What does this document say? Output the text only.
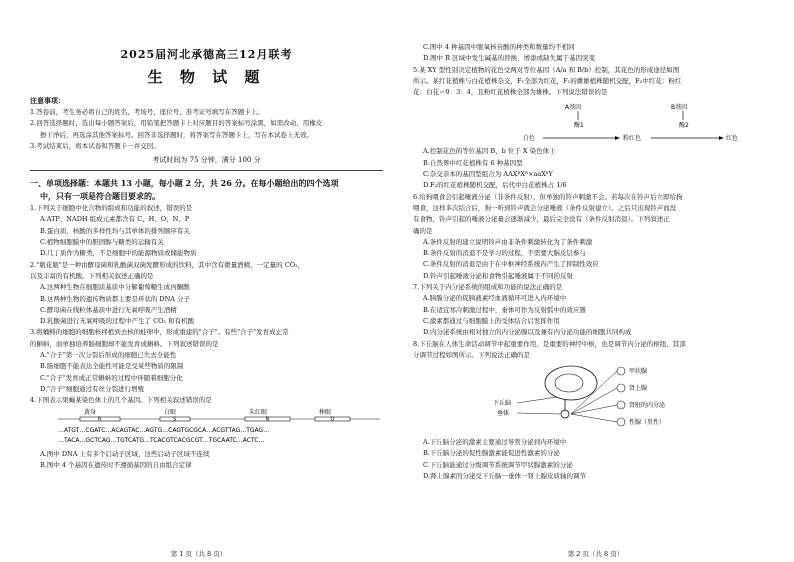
2025届河北承德高三12月联考
生 物 试 题
注意事项：
1.答卷前，考生务必将自己的姓名、考场号、座位号、准考证号填写在答题卡上。
2.回答选择题时，选出每小题答案后，用铅笔把答题卡上对应题目的答案标号涂黑，如需改动，用橡皮
擦干净后，再选涂其他答案标号。回答非选择题时，将答案写在答题卡上，写在本试卷上无效。
3.考试结束后，将本试卷和答题卡一并交回。
考试时间为 75 分钟，满分 100 分
一、单项选择题：本题共 13 小题，每小题 2 分，共 26 分。在每小题给出的四个选项
中，只有一项是符合题目要求的。
1.下列关于细胞中化合物的组成和功能的叙述，错误的是
A.ATP、NADH 组成元素都含有 C、H、O、N、P
B.蛋白质、核酸的多样性均与其单体的排列顺序有关
C.植物细胞膜中的胆固醇与糖类的运输有关
D.几丁质作为糖类，不是细胞中的能源物质或储能物质
2."瓶花瓶"是一种由酵母菌和乳酸菌双菌发酵形成的饮料，其中含有微量酒精，一定量的 CO₂，
以及丰富的有机酸。下列相关叙述正确的是
A.这两种生物在细胞质基质中分解葡萄糖生成丙酮酸
B.这两种生物的遗传物质都主要是环状的 DNA 分子
C.酵母菌在线粒体基质中进行无氧呼吸产生酒精
D.乳酸菌进行无氧呼吸的过程中产生了 CO₂ 和有机酸
3.将蛹鲱的细胞的细胞核移植到去核的蛙卵中，形成重建的"合子"。有些"合子"发育成正常
的蝌蚪，而单独培养肠细胞却不能发育成蝌蚪。下列叙述错误的是
A."合子"第一次分裂后形成的细胞已失去全能性
B.肠细胞不能表达全能性可能是受某些物质的限制
C."合子"发育成正常蝌蚪的过程中伴随着细胞分化
D."合子"细胞通过有丝分裂进行增殖
4.下图表示果蝇某染色体上的几个基因。下列相关叙述错误的是
黄身
R
白眼
S
朱红眼
N
棒眼
Q
…ATGT…CGATC…ACAGTAC…AGTG…CAGTGCGCA…ACGTTAG…TGAG…
…TACA…GCTCAG…TGTCATG…TCACGTCACGCGT…TGCAATC…ACTC…
A.图中 DNA 上有多个启动子区域，这些启动子区域不连续
B.图中 4 个基因在遗传时不遵循基因的自由组合定律
第 1 页（共 8 页）
C.图中 4 种基因中脱氧核苷酸的种类和数量均不相同
D.图中 R 区域中发生碱基的替换，增添或缺失属于基因突变
5.某 XY 型性别决定植物的花色受两对等位基因（A/a 和 B/b）控制，其花色的形成途径如图
所示。某红花植株与白花植株杂交，F₁全部为红花，F₁的雌雄植株随机交配，F₂中红花：粉红
花：白花＝9：3：4，且粉红花植株全部为雄株。下列说法错误的是
A基因
酶1
B基因
酶2
白色	粉红色	红色
A.控制花色的等位基因 B、b 位于 X 染色体上
B.自然界中红花植株有 6 种基因型
C.杂交亲本的基因型组合为 AAXᴮXᴮ×aaXᵇY
D.F₂的红花植株随机交配，后代中白花植株占 1/6
6.给狗喂食会引起唾液分泌（非条件反射），但单独的铃声刺激不会。若每次在铃声后立即给狗
喂食，这样多次结合后，狗一听到铃声就会分泌唾液（条件反射建立）。之后只出现铃声而没
有食物，铃声引起的唾液分泌量会逐渐减少，最后完全没有（条件反射消退）。下列叙述正
确的是
A.条件反射的建立说明铃声由非条件刺激转化为了条件刺激
B.条件反射的消退不是学习的过程，不需要大脑皮层参与
C.条件反射的消退是由于在中枢神经系统内产生了抑制性效应
D.铃声引起唾液分泌和食物引起唾液属于不同的反射
7.下列关于内分泌系统的组成和功能的说法正确的是
A.胰腺分泌的促胰液素经血液循环可进入内环境中
B.在适宜寒冷刺激过程中，垂体可作为反射弧中的效应器
C.激素都通过与细胞膜上的受体结合启发挥作用
D.内分泌系统由相对独立的内分泌腺以及兼有内分泌功能的细胞共同构成
8.下丘脑在人体生命活动调节中起重要作用，是重要的神经中枢，也是调节内分泌的枢纽，其部
分调节过程如图所示。下列说法正确的是
下丘脑
垂体
甲状腺
肾上腺
肾脏的内分泌
性腺（男性）
A.下丘脑分泌的激素主要通过导管分泌到内环境中
B.下丘脑分泌的促性腺激素能促进性激素的分泌
C.下丘脑能通过分级调节系统调节甲状腺激素的分泌
D.肾上腺素的分泌受下丘脑一垂体一肾上腺皮质轴的调节
第 2 页（共 8 页）
